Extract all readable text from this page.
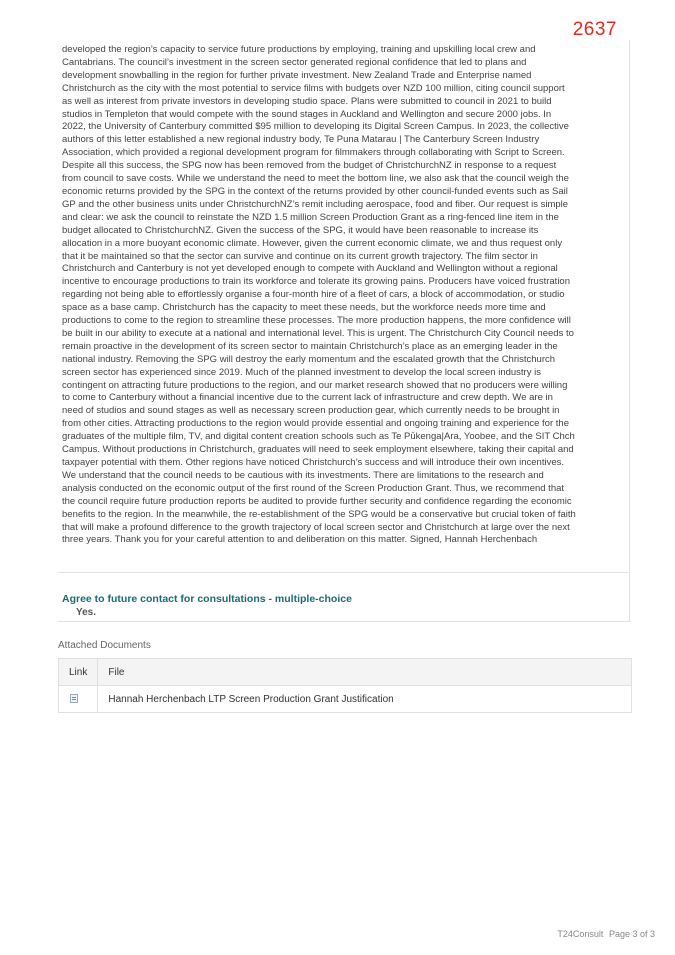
2637

developed the region’s capacity to service future productions by employing, training and upskilling local crew and Cantabrians. The council’s investment in the screen sector generated regional confidence that led to plans and development snowballing in the region for further private investment. New Zealand Trade and Enterprise named Christchurch as the city with the most potential to service films with budgets over NZD 100 million, citing council support as well as interest from private investors in developing studio space. Plans were submitted to council in 2021 to build studios in Templeton that would compete with the sound stages in Auckland and Wellington and secure 2000 jobs. In 2022, the University of Canterbury committed $95 million to developing its Digital Screen Campus. In 2023, the collective authors of this letter established a new regional industry body, Te Puna Matarau | The Canterbury Screen Industry Association, which provided a regional development program for filmmakers through collaborating with Script to Screen. Despite all this success, the SPG now has been removed from the budget of ChristchurchNZ in response to a request from council to save costs. While we understand the need to meet the bottom line, we also ask that the council weigh the economic returns provided by the SPG in the context of the returns provided by other council-funded events such as Sail GP and the other business units under ChristchurchNZ’s remit including aerospace, food and fiber. Our request is simple and clear: we ask the council to reinstate the NZD 1.5 million Screen Production Grant as a ring-fenced line item in the budget allocated to ChristchurchNZ. Given the success of the SPG, it would have been reasonable to increase its allocation in a more buoyant economic climate. However, given the current economic climate, we and thus request only that it be maintained so that the sector can survive and continue on its current growth trajectory. The film sector in Christchurch and Canterbury is not yet developed enough to compete with Auckland and Wellington without a regional incentive to encourage productions to train its workforce and tolerate its growing pains. Producers have voiced frustration regarding not being able to effortlessly organise a four-month hire of a fleet of cars, a block of accommodation, or studio space as a base camp. Christchurch has the capacity to meet these needs, but the workforce needs more time and productions to come to the region to streamline these processes. The more production happens, the more confidence will be built in our ability to execute at a national and international level. This is urgent. The Christchurch City Council needs to remain proactive in the development of its screen sector to maintain Christchurch’s place as an emerging leader in the national industry. Removing the SPG will destroy the early momentum and the escalated growth that the Christchurch screen sector has experienced since 2019. Much of the planned investment to develop the local screen industry is contingent on attracting future productions to the region, and our market research showed that no producers were willing to come to Canterbury without a financial incentive due to the current lack of infrastructure and crew depth. We are in need of studios and sound stages as well as necessary screen production gear, which currently needs to be brought in from other cities. Attracting productions to the region would provide essential and ongoing training and experience for the graduates of the multiple film, TV, and digital content creation schools such as Te Pūkenga|Ara, Yoobee, and the SIT Chch Campus. Without productions in Christchurch, graduates will need to seek employment elsewhere, taking their capital and taxpayer potential with them. Other regions have noticed Christchurch’s success and will introduce their own incentives. We understand that the council needs to be cautious with its investments. There are limitations to the research and analysis conducted on the economic output of the first round of the Screen Production Grant. Thus, we recommend that the council require future production reports be audited to provide further security and confidence regarding the economic benefits to the region. In the meanwhile, the re-establishment of the SPG would be a conservative but crucial token of faith that will make a profound difference to the growth trajectory of local screen sector and Christchurch at large over the next three years. Thank you for your careful attention to and deliberation on this matter. Signed, Hannah Herchenbach

Agree to future contact for consultations - multiple-choice

Yes.

Attached Documents

Link	File
	Hannah Herchenbach LTP Screen Production Grant Justification
T24Consult Page 3 of 3
